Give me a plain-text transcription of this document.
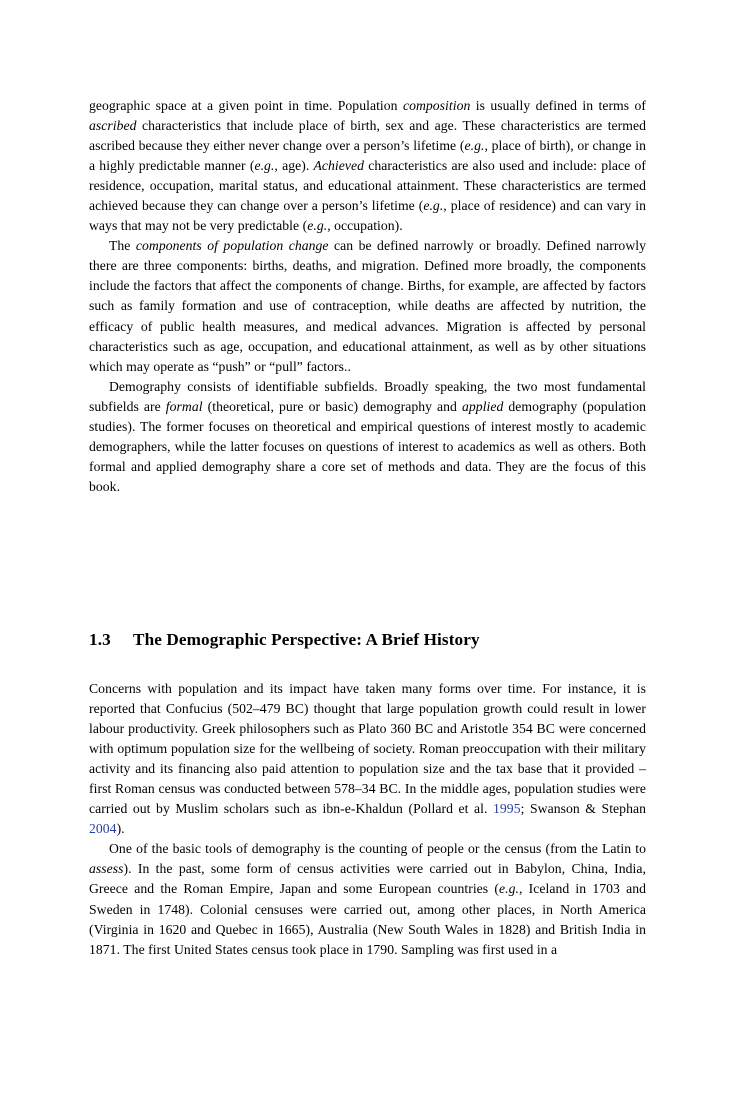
geographic space at a given point in time. Population composition is usually defined in terms of ascribed characteristics that include place of birth, sex and age. These characteristics are termed ascribed because they either never change over a person’s lifetime (e.g., place of birth), or change in a highly predictable manner (e.g., age). Achieved characteristics are also used and include: place of residence, occupation, marital status, and educational attainment. These characteristics are termed achieved because they can change over a person’s lifetime (e.g., place of residence) and can vary in ways that may not be very predictable (e.g., occupation).

The components of population change can be defined narrowly or broadly. Defined narrowly there are three components: births, deaths, and migration. Defined more broadly, the components include the factors that affect the components of change. Births, for example, are affected by factors such as family formation and use of contraception, while deaths are affected by nutrition, the efficacy of public health measures, and medical advances. Migration is affected by personal characteristics such as age, occupation, and educational attainment, as well as by other situations which may operate as “push” or “pull” factors..

Demography consists of identifiable subfields. Broadly speaking, the two most fundamental subfields are formal (theoretical, pure or basic) demography and applied demography (population studies). The former focuses on theoretical and empirical questions of interest mostly to academic demographers, while the latter focuses on questions of interest to academics as well as others. Both formal and applied demography share a core set of methods and data. They are the focus of this book.

1.3 The Demographic Perspective: A Brief History

Concerns with population and its impact have taken many forms over time. For instance, it is reported that Confucius (502–479 BC) thought that large population growth could result in lower labour productivity. Greek philosophers such as Plato 360 BC and Aristotle 354 BC were concerned with optimum population size for the wellbeing of society. Roman preoccupation with their military activity and its financing also paid attention to population size and the tax base that it provided – first Roman census was conducted between 578–34 BC. In the middle ages, population studies were carried out by Muslim scholars such as ibn-e-Khaldun (Pollard et al. 1995; Swanson & Stephan 2004).

One of the basic tools of demography is the counting of people or the census (from the Latin to assess). In the past, some form of census activities were carried out in Babylon, China, India, Greece and the Roman Empire, Japan and some European countries (e.g., Iceland in 1703 and Sweden in 1748). Colonial censuses were carried out, among other places, in North America (Virginia in 1620 and Quebec in 1665), Australia (New South Wales in 1828) and British India in 1871. The first United States census took place in 1790. Sampling was first used in a
